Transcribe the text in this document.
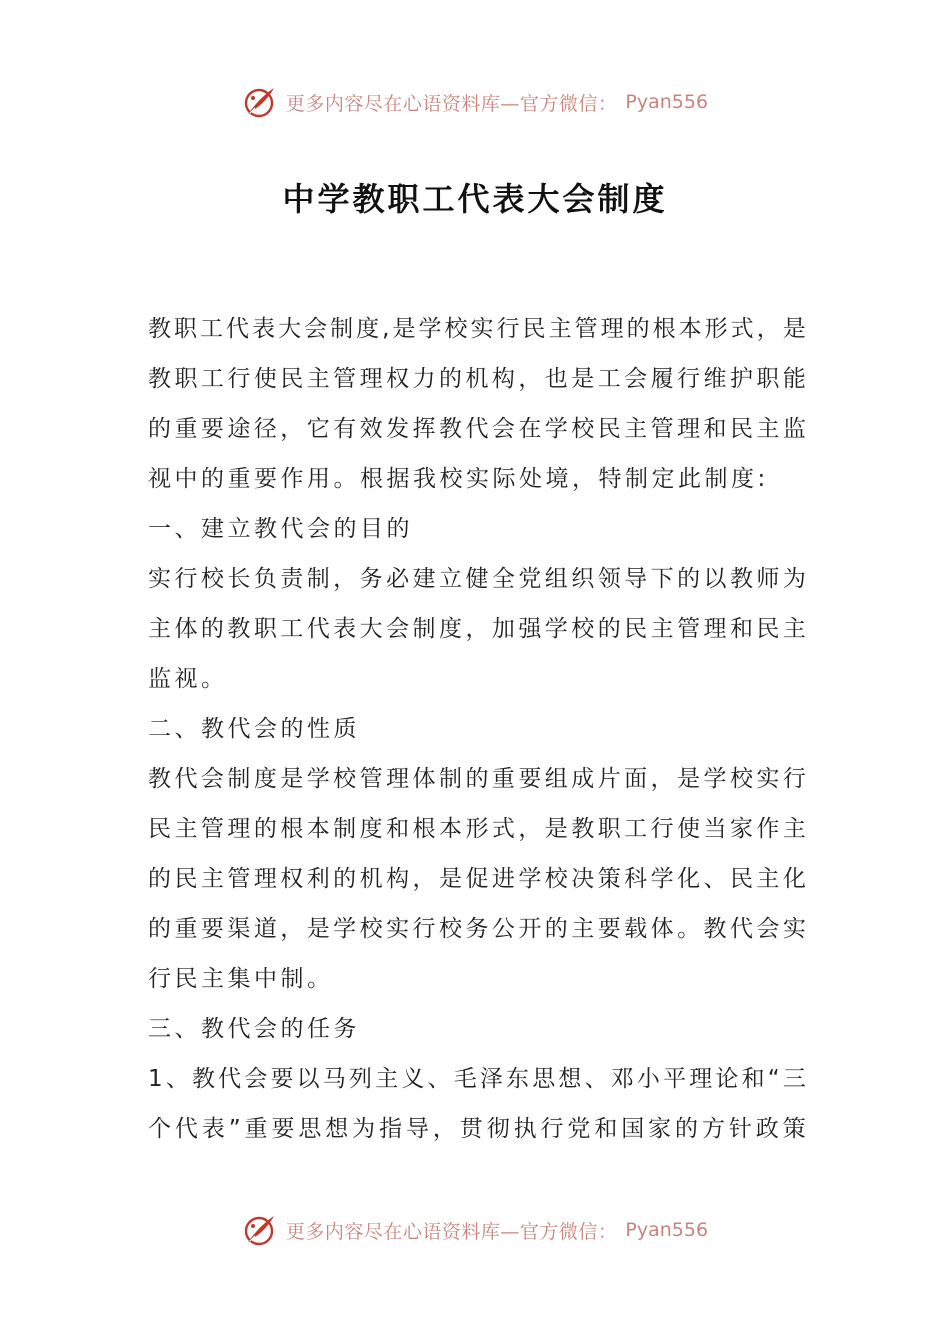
更多内容尽在心语资料库—官方微信： Pyan556
中学教职工代表大会制度
教 职 工 代 表 大 会 制 度 , 是 学 校 实 行 民 主 管 理 的 根 本 形 式 ， 是
教 职 工 行 使 民 主 管 理 权 力 的 机 构 ， 也 是 工 会 履 行 维 护 职 能
的 重 要 途 径 ， 它 有 效 发 挥 教 代 会 在 学 校 民 主 管 理 和 民 主 监
视中的重要作用。根据我校实际处境，特制定此制度:
一、建立教代会的目的
实 行 校 长 负 责 制 ， 务 必 建 立 健 全 党 组 织 领 导 下 的 以 教 师 为
主 体 的 教 职 工 代 表 大 会 制 度 ， 加 强 学 校 的 民 主 管 理 和 民 主
监视。
二、教代会的性质
教 代 会 制 度 是 学 校 管 理 体 制 的 重 要 组 成 片 面 ， 是 学 校 实 行
民 主 管 理 的 根 本 制 度 和 根 本 形 式 ， 是 教 职 工 行 使 当 家 作 主
的 民 主 管 理 权 利 的 机 构 ， 是 促 进 学 校 决 策 科 学 化 、 民 主 化
的 重 要 渠 道 ， 是 学 校 实 行 校 务 公 开 的 主 要 载 体 。 教 代 会 实
行民主集中制。
三、教代会的任务
1 、 教 代 会 要 以 马 列 主 义 、 毛 泽 东 思 想 、 邓 小 平 理 论 和 “ 三
个 代 表 ” 重 要 思 想 为 指 导 ， 贯 彻 执 行 党 和 国 家 的 方 针 政 策
更多内容尽在心语资料库—官方微信： Pyan556
